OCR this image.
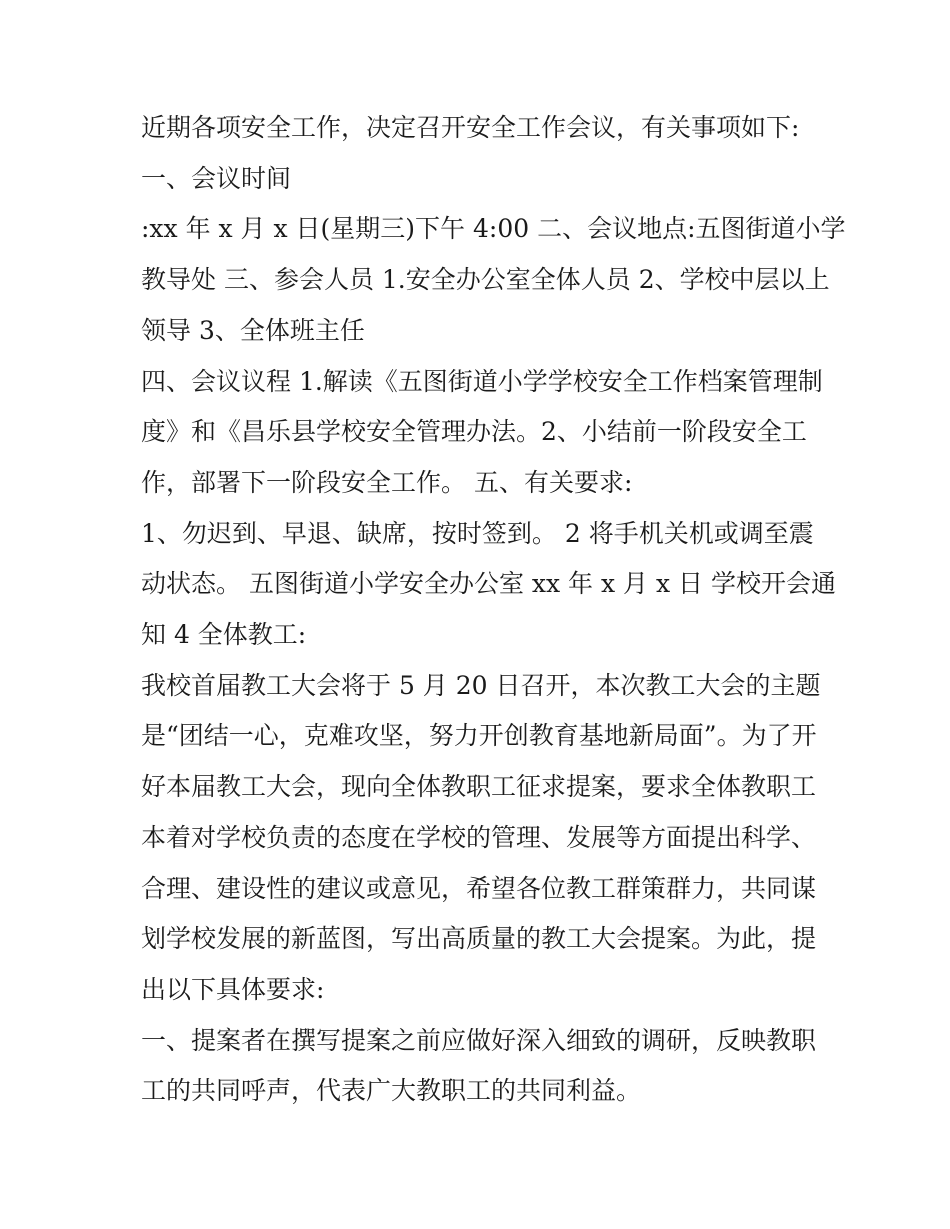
近期各项安全工作，决定召开安全工作会议，有关事项如下:
一、会议时间
:xx 年 x 月 x 日(星期三)下午 4:00 二、会议地点:五图街道小学
教导处 三、参会人员 1.安全办公室全体人员 2、学校中层以上
领导 3、全体班主任
四、会议议程 1.解读《五图街道小学学校安全工作档案管理制
度》和《昌乐县学校安全管理办法。2、小结前一阶段安全工
作，部署下一阶段安全工作。 五、有关要求:
1、勿迟到、早退、缺席，按时签到。 2 将手机关机或调至震
动状态。 五图街道小学安全办公室 xx 年 x 月 x 日 学校开会通
知 4 全体教工:
我校首届教工大会将于 5 月 20 日召开，本次教工大会的主题
是“团结一心，克难攻坚，努力开创教育基地新局面”。为了开
好本届教工大会，现向全体教职工征求提案，要求全体教职工
本着对学校负责的态度在学校的管理、发展等方面提出科学、
合理、建设性的建议或意见，希望各位教工群策群力，共同谋
划学校发展的新蓝图，写出高质量的教工大会提案。为此，提
出以下具体要求:
一、提案者在撰写提案之前应做好深入细致的调研，反映教职
工的共同呼声，代表广大教职工的共同利益。
